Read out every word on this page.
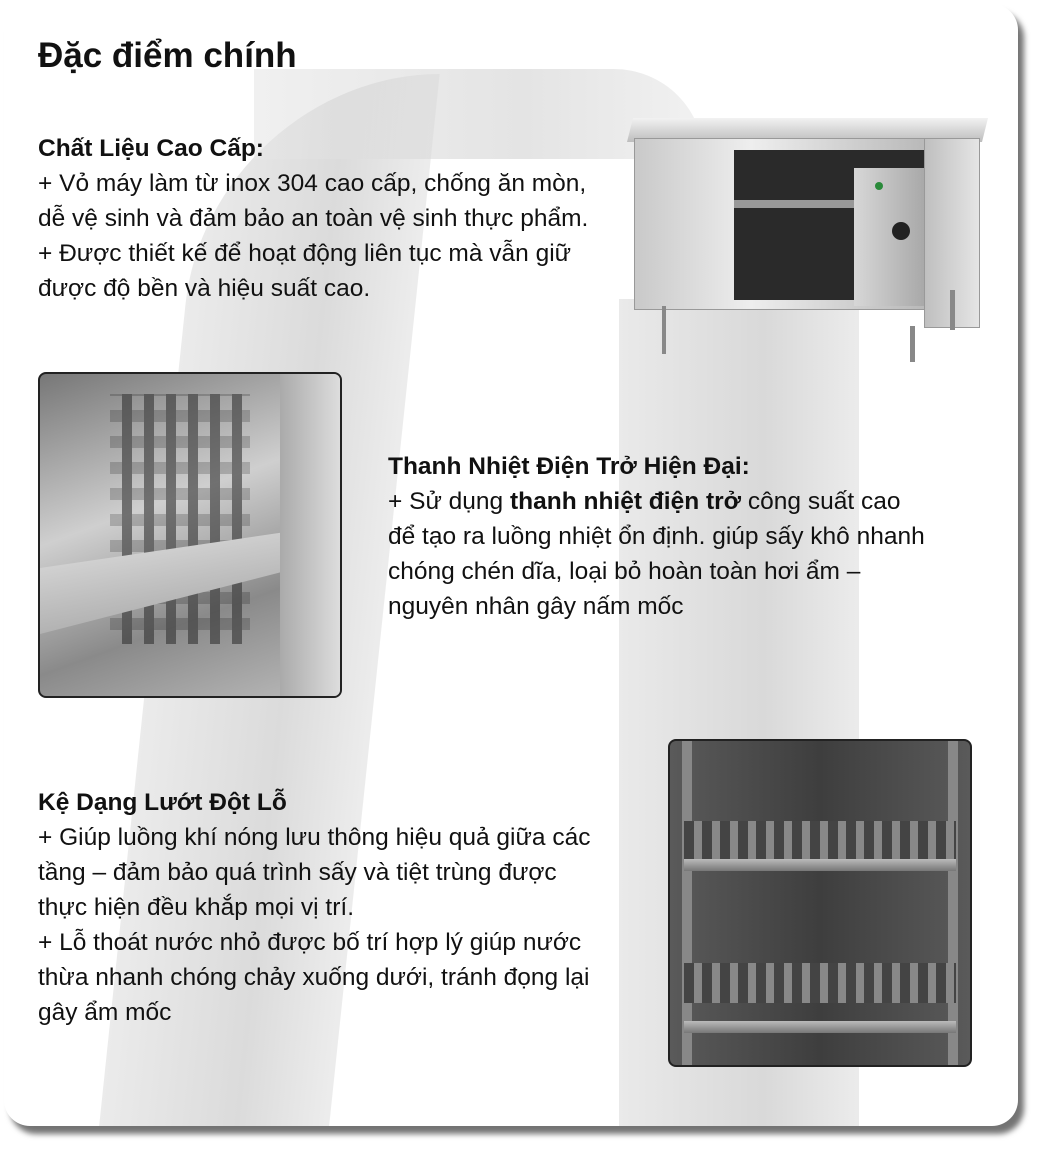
Đặc điểm chính
Chất Liệu Cao Cấp:
+ Vỏ máy làm từ inox 304 cao cấp, chống ăn mòn,
dễ vệ sinh và đảm bảo an toàn vệ sinh thực phẩm.
+ Được thiết kế để hoạt động liên tục mà vẫn giữ
được độ bền và hiệu suất cao.
Thanh Nhiệt Điện Trở Hiện Đại:
+ Sử dụng thanh nhiệt điện trở công suất cao
để tạo ra luồng nhiệt ổn định. giúp sấy khô nhanh
chóng chén dĩa, loại bỏ hoàn toàn hơi ẩm –
nguyên nhân gây nấm mốc
Kệ Dạng Lướt Đột Lỗ
+ Giúp luồng khí nóng lưu thông hiệu quả giữa các
tầng – đảm bảo quá trình sấy và tiệt trùng được
thực hiện đều khắp mọi vị trí.
+ Lỗ thoát nước nhỏ được bố trí hợp lý giúp nước
thừa nhanh chóng chảy xuống dưới, tránh đọng lại
gây ẩm mốc
